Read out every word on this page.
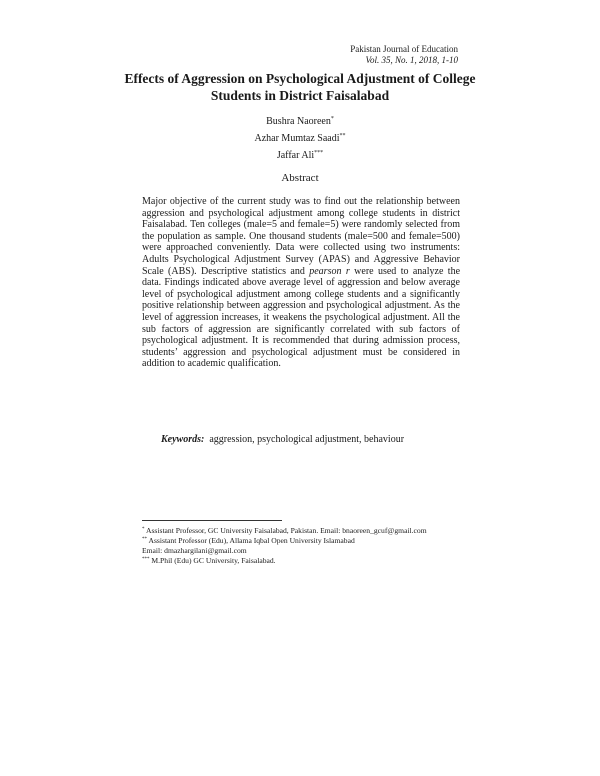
Pakistan Journal of Education
Vol. 35, No. 1, 2018, 1-10
Effects of Aggression on Psychological Adjustment of College Students in District Faisalabad
Bushra Naoreen*
Azhar Mumtaz Saadi**
Jaffar Ali***
Abstract

Major objective of the current study was to find out the relationship between aggression and psychological adjustment among college students in district Faisalabad. Ten colleges (male=5 and female=5) were randomly selected from the population as sample. One thousand students (male=500 and female=500) were approached conveniently. Data were collected using two instruments: Adults Psychological Adjustment Survey (APAS) and Aggressive Behavior Scale (ABS). Descriptive statistics and pearson r were used to analyze the data. Findings indicated above average level of aggression and below average level of psychological adjustment among college students and a significantly positive relationship between aggression and psychological adjustment. As the level of aggression increases, it weakens the psychological adjustment. All the sub factors of aggression are significantly correlated with sub factors of psychological adjustment. It is recommended that during admission process, students’ aggression and psychological adjustment must be considered in addition to academic qualification.

Keywords: aggression, psychological adjustment, behaviour
* Assistant Professor, GC University Faisalabad, Pakistan. Email: bnaoreen_gcuf@gmail.com
** Assistant Professor (Edu), Allama Iqbal Open University Islamabad
Email: dmazhargilani@gmail.com
*** M.Phil (Edu) GC University, Faisalabad.
